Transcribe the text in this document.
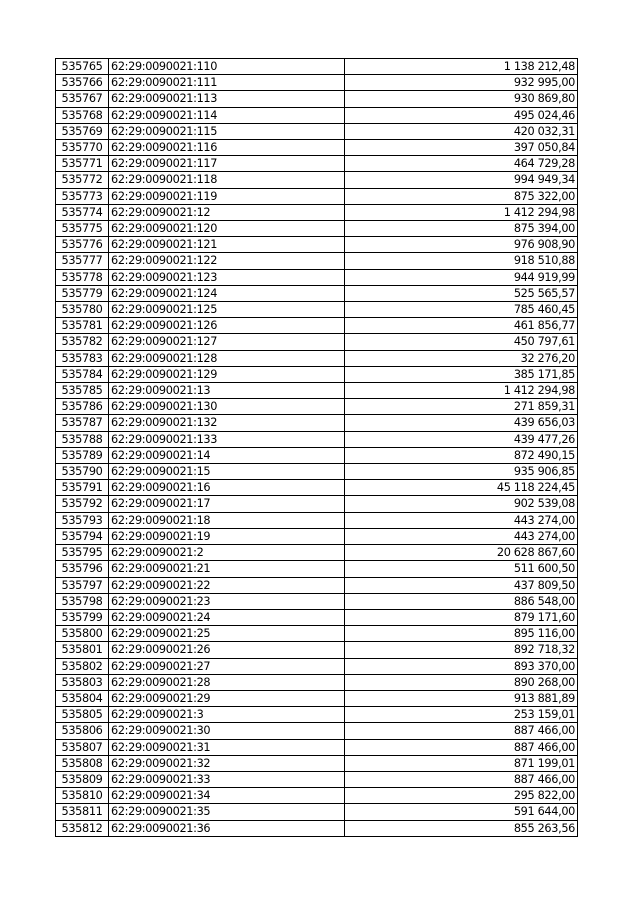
535765	62:29:0090021:110	1 138 212,48
535766	62:29:0090021:111	932 995,00
535767	62:29:0090021:113	930 869,80
535768	62:29:0090021:114	495 024,46
535769	62:29:0090021:115	420 032,31
535770	62:29:0090021:116	397 050,84
535771	62:29:0090021:117	464 729,28
535772	62:29:0090021:118	994 949,34
535773	62:29:0090021:119	875 322,00
535774	62:29:0090021:12	1 412 294,98
535775	62:29:0090021:120	875 394,00
535776	62:29:0090021:121	976 908,90
535777	62:29:0090021:122	918 510,88
535778	62:29:0090021:123	944 919,99
535779	62:29:0090021:124	525 565,57
535780	62:29:0090021:125	785 460,45
535781	62:29:0090021:126	461 856,77
535782	62:29:0090021:127	450 797,61
535783	62:29:0090021:128	32 276,20
535784	62:29:0090021:129	385 171,85
535785	62:29:0090021:13	1 412 294,98
535786	62:29:0090021:130	271 859,31
535787	62:29:0090021:132	439 656,03
535788	62:29:0090021:133	439 477,26
535789	62:29:0090021:14	872 490,15
535790	62:29:0090021:15	935 906,85
535791	62:29:0090021:16	45 118 224,45
535792	62:29:0090021:17	902 539,08
535793	62:29:0090021:18	443 274,00
535794	62:29:0090021:19	443 274,00
535795	62:29:0090021:2	20 628 867,60
535796	62:29:0090021:21	511 600,50
535797	62:29:0090021:22	437 809,50
535798	62:29:0090021:23	886 548,00
535799	62:29:0090021:24	879 171,60
535800	62:29:0090021:25	895 116,00
535801	62:29:0090021:26	892 718,32
535802	62:29:0090021:27	893 370,00
535803	62:29:0090021:28	890 268,00
535804	62:29:0090021:29	913 881,89
535805	62:29:0090021:3	253 159,01
535806	62:29:0090021:30	887 466,00
535807	62:29:0090021:31	887 466,00
535808	62:29:0090021:32	871 199,01
535809	62:29:0090021:33	887 466,00
535810	62:29:0090021:34	295 822,00
535811	62:29:0090021:35	591 644,00
535812	62:29:0090021:36	855 263,56
